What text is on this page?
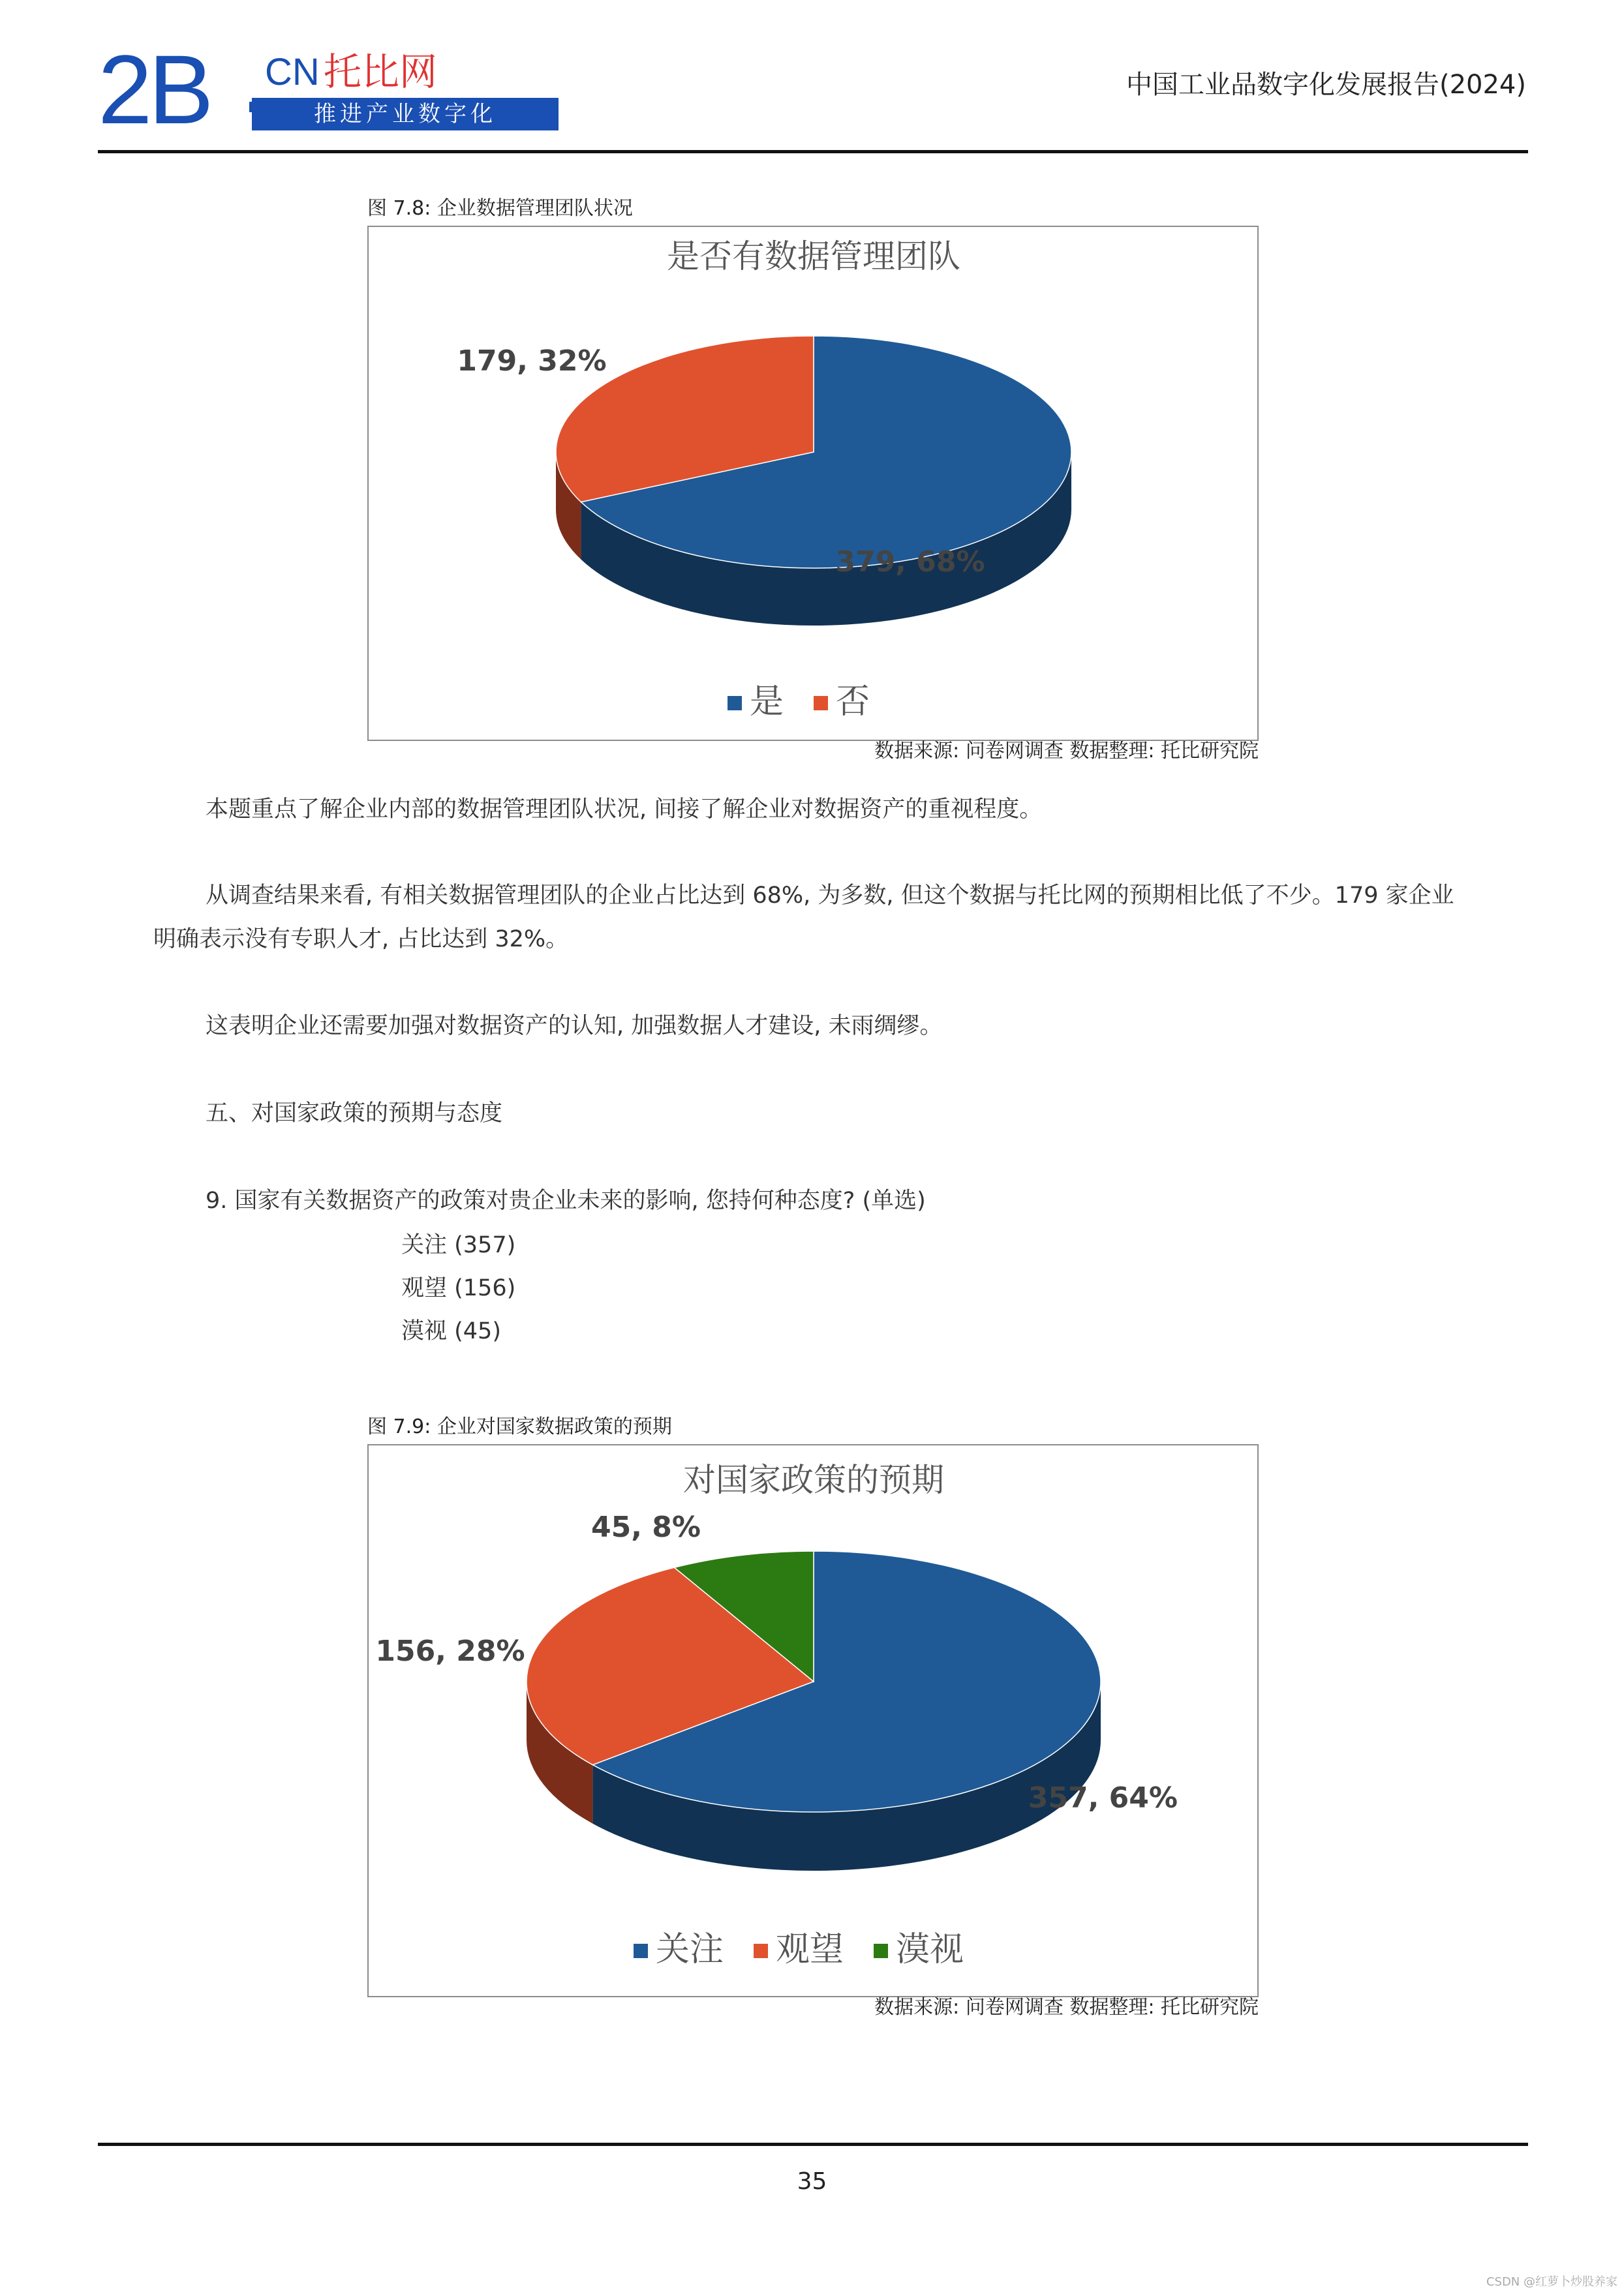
2B CN 托比网
推进产业数字化
中国工业品数字化发展报告(2024)
图 7.8: 企业数据管理团队状况
是否有数据管理团队
379, 68%
179, 32%
是 否
数据来源: 问卷网调查 数据整理: 托比研究院
本题重点了解企业内部的数据管理团队状况, 间接了解企业对数据资产的重视程度。
从调查结果来看, 有相关数据管理团队的企业占比达到 68%, 为多数, 但这个数据与托比网的预期相比低了不少。179 家企业明确表示没有专职人才, 占比达到 32%。
这表明企业还需要加强对数据资产的认知, 加强数据人才建设, 未雨绸缪。
五、对国家政策的预期与态度
9. 国家有关数据资产的政策对贵企业未来的影响, 您持何种态度? (单选)
关注 (357)
观望 (156)
漠视 (45)
图 7.9: 企业对国家数据政策的预期
对国家政策的预期
357, 64%
156, 28%
45, 8%
关注 观望 漠视
数据来源: 问卷网调查 数据整理: 托比研究院
35
CSDN @红萝卜炒股养家
